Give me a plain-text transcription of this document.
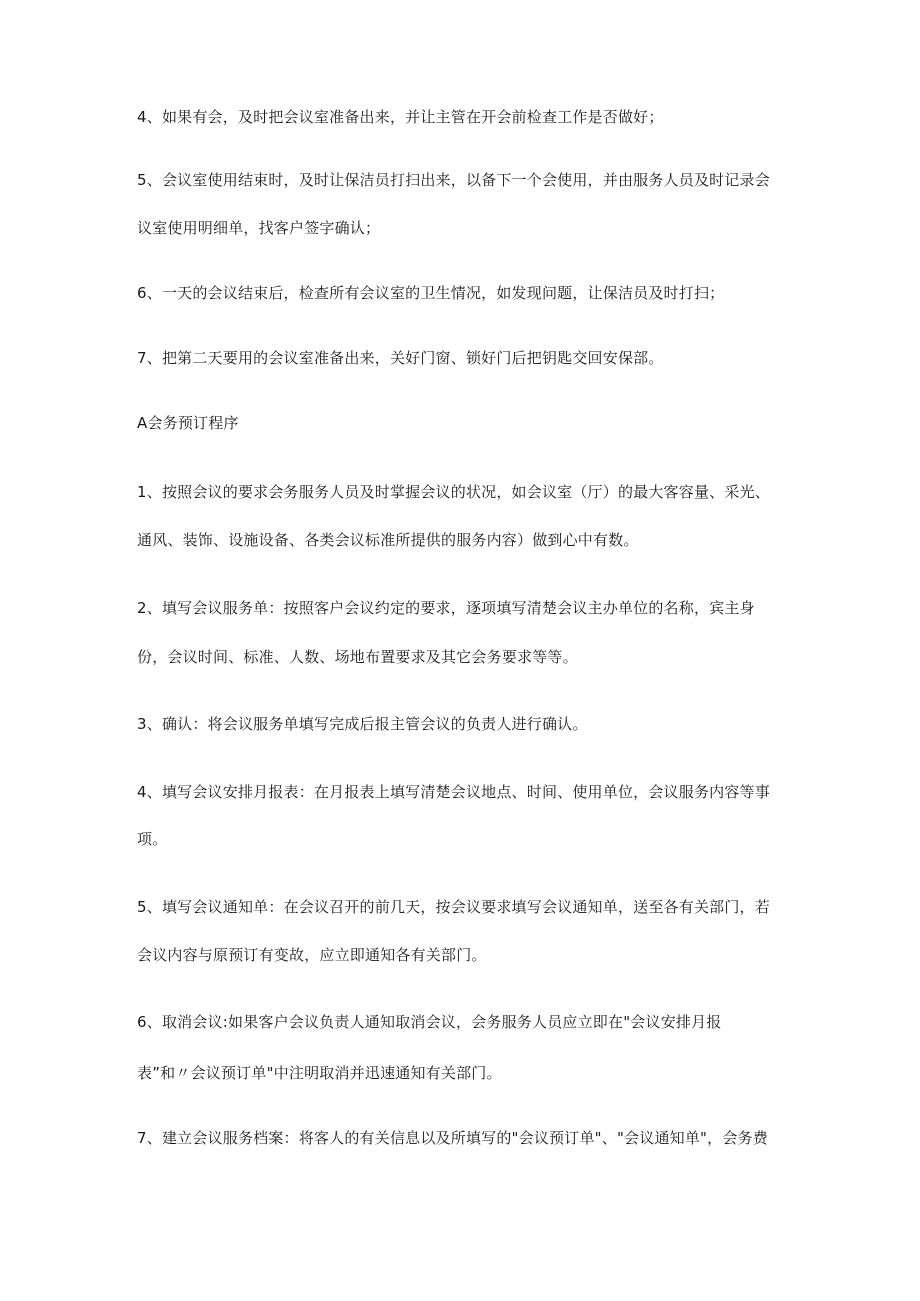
4、如果有会，及时把会议室准备出来，并让主管在开会前检查工作是否做好；
5、会议室使用结束时，及时让保洁员打扫出来，以备下一个会使用，并由服务人员及时记录会
议室使用明细单，找客户签字确认；
6、一天的会议结束后，检查所有会议室的卫生情况，如发现问题，让保洁员及时打扫；
7、把第二天要用的会议室准备出来，关好门窗、锁好门后把钥匙交回安保部。
A会务预订程序
1、按照会议的要求会务服务人员及时掌握会议的状况，如会议室（厅）的最大客容量、采光、
通风、装饰、设施设备、各类会议标准所提供的服务内容）做到心中有数。
2、填写会议服务单：按照客户会议约定的要求，逐项填写清楚会议主办单位的名称，宾主身
份，会议时间、标准、人数、场地布置要求及其它会务要求等等。
3、确认：将会议服务单填写完成后报主管会议的负责人进行确认。
4、填写会议安排月报表：在月报表上填写清楚会议地点、时间、使用单位，会议服务内容等事
项。
5、填写会议通知单：在会议召开的前几天，按会议要求填写会议通知单，送至各有关部门，若
会议内容与原预订有变故，应立即通知各有关部门。
6、取消会议:如果客户会议负责人通知取消会议，会务服务人员应立即在"会议安排月报
表”和〃会议预订单"中注明取消并迅速通知有关部门。
7、建立会议服务档案：将客人的有关信息以及所填写的"会议预订单"、"会议通知单"，会务费
